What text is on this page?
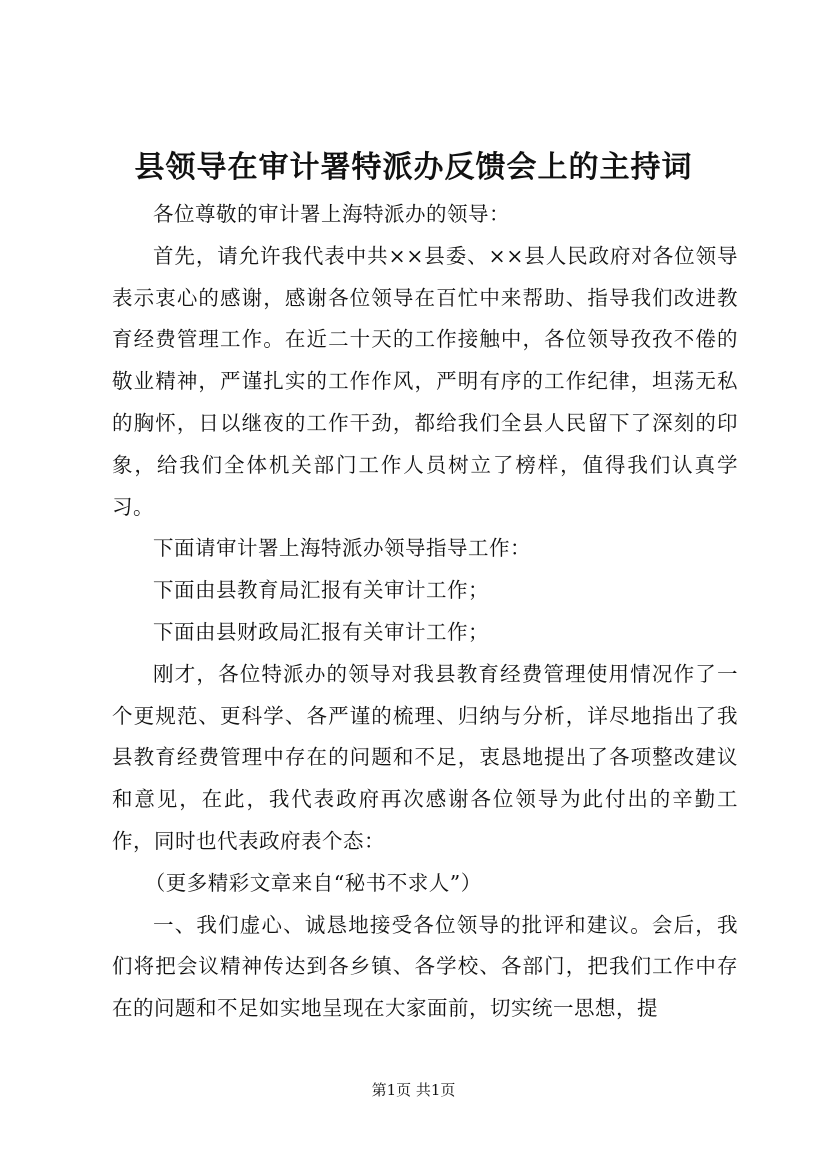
县领导在审计署特派办反馈会上的主持词

各位尊敬的审计署上海特派办的领导：

首先，请允许我代表中共××县委、××县人民政府对各位领导表示衷心的感谢，感谢各位领导在百忙中来帮助、指导我们改进教育经费管理工作。在近二十天的工作接触中，各位领导孜孜不倦的敬业精神，严谨扎实的工作作风，严明有序的工作纪律，坦荡无私的胸怀，日以继夜的工作干劲，都给我们全县人民留下了深刻的印象，给我们全体机关部门工作人员树立了榜样，值得我们认真学习。

下面请审计署上海特派办领导指导工作：

下面由县教育局汇报有关审计工作；

下面由县财政局汇报有关审计工作；

刚才，各位特派办的领导对我县教育经费管理使用情况作了一个更规范、更科学、各严谨的梳理、归纳与分析，详尽地指出了我县教育经费管理中存在的问题和不足，衷恳地提出了各项整改建议和意见，在此，我代表政府再次感谢各位领导为此付出的辛勤工作，同时也代表政府表个态：

（更多精彩文章来自“秘书不求人”）

一、我们虚心、诚恳地接受各位领导的批评和建议。会后，我们将把会议精神传达到各乡镇、各学校、各部门，把我们工作中存在的问题和不足如实地呈现在大家面前，切实统一思想，提

第1页 共1页
